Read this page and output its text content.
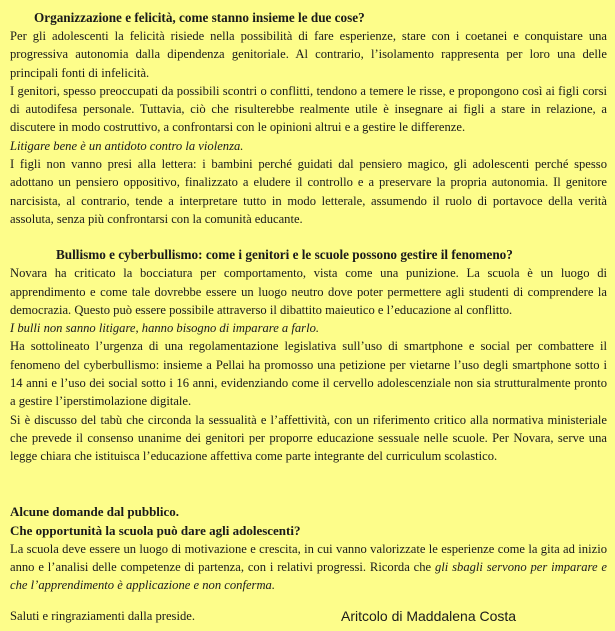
Organizzazione e felicità, come stanno insieme le due cose?

Per gli adolescenti la felicità risiede nella possibilità di fare esperienze, stare con i coetanei e conquistare una progressiva autonomia dalla dipendenza genitoriale. Al contrario, l’isolamento rappresenta per loro una delle principali fonti di infelicità.

I genitori, spesso preoccupati da possibili scontri o conflitti, tendono a temere le risse, e propongono così ai figli corsi di autodifesa personale. Tuttavia, ciò che risulterebbe realmente utile è insegnare ai figli a stare in relazione, a discutere in modo costruttivo, a confrontarsi con le opinioni altrui e a gestire le differenze.

Litigare bene è un antidoto contro la violenza.

I figli non vanno presi alla lettera: i bambini perché guidati dal pensiero magico, gli adolescenti perché spesso adottano un pensiero oppositivo, finalizzato a eludere il controllo e a preservare la propria autonomia. Il genitore narcisista, al contrario, tende a interpretare tutto in modo letterale, assumendo il ruolo di portavoce della verità assoluta, senza più confrontarsi con la comunità educante.

Bullismo e cyberbullismo: come i genitori e le scuole possono gestire il fenomeno?

Novara ha criticato la bocciatura per comportamento, vista come una punizione. La scuola è un luogo di apprendimento e come tale dovrebbe essere un luogo neutro dove poter permettere agli studenti di comprendere la democrazia. Questo può essere possibile attraverso il dibattito maieutico e l’educazione al conflitto.

I bulli non sanno litigare, hanno bisogno di imparare a farlo.

Ha sottolineato l’urgenza di una regolamentazione legislativa sull’uso di smartphone e social per combattere il fenomeno del cyberbullismo: insieme a Pellai ha promosso una petizione per vietarne l’uso degli smartphone sotto i 14 anni e l’uso dei social sotto i 16 anni, evidenziando come il cervello adolescenziale non sia strutturalmente pronto a gestire l’iperstimolazione digitale.

Si è discusso del tabù che circonda la sessualità e l’affettività, con un riferimento critico alla normativa ministeriale che prevede il consenso unanime dei genitori per proporre educazione sessuale nelle scuole. Per Novara, serve una legge chiara che istituisca l’educazione affettiva come parte integrante del curriculum scolastico.

Alcune domande dal pubblico.
Che opportunità la scuola può dare agli adolescenti?

La scuola deve essere un luogo di motivazione e crescita, in cui vanno valorizzate le esperienze come la gita ad inizio anno e l’analisi delle competenze di partenza, con i relativi progressi. Ricorda che gli sbagli servono per imparare e che l’apprendimento è applicazione e non conferma.

Saluti e ringraziamenti dalla preside.	Aritcolo di Maddalena Costa
